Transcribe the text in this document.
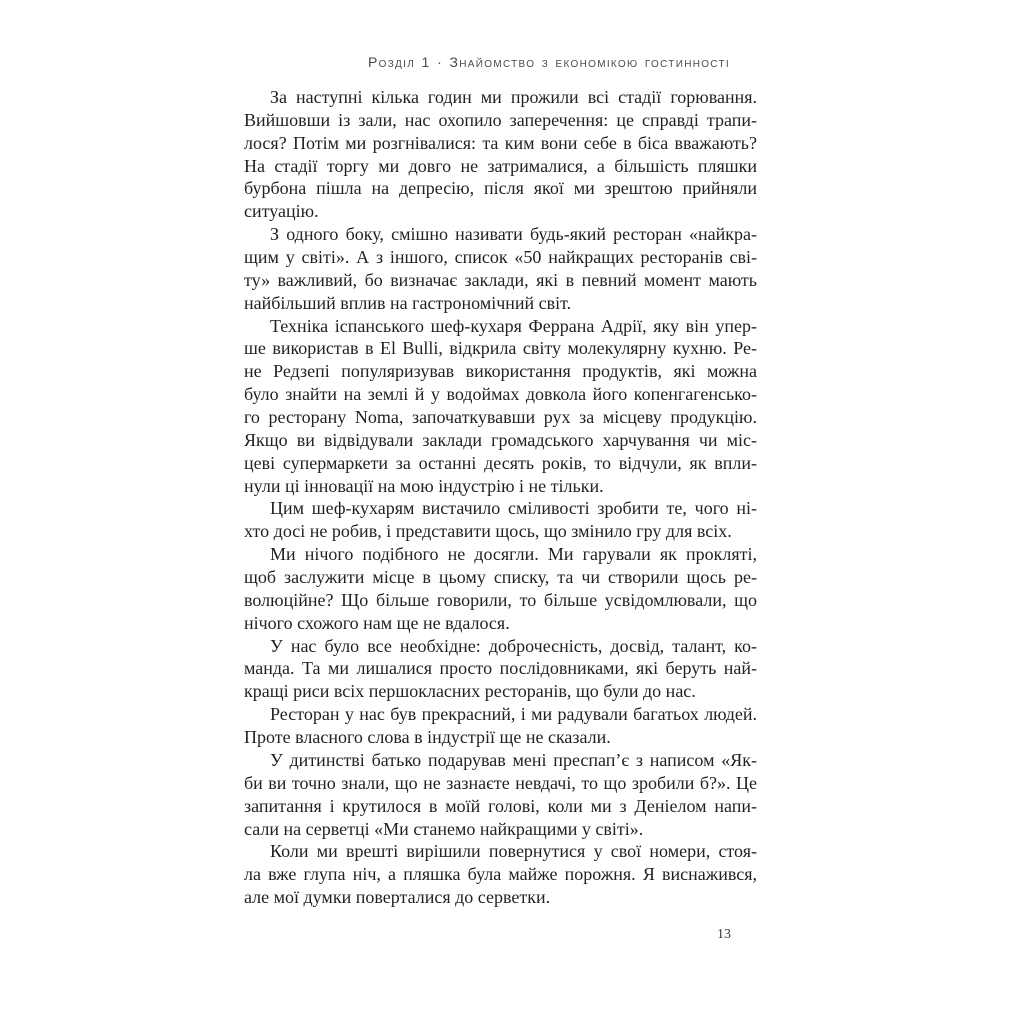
Розділ 1 · Знайомство з економікою гостинності
За наступні кілька годин ми прожили всі стадії горювання.
Вийшовши із зали, нас охопило заперечення: це справді трапи-
лося? Потім ми розгнівалися: та ким вони себе в біса вважають?
На стадії торгу ми довго не затрималися, а більшість пляшки
бурбона пішла на депресію, після якої ми зрештою прийняли
ситуацію.
З одного боку, смішно називати будь-який ресторан «найкра-
щим у світі». А з іншого, список «50 найкращих ресторанів сві-
ту» важливий, бо визначає заклади, які в певний момент мають
найбільший вплив на гастрономічний світ.
Техніка іспанського шеф-кухаря Феррана Адрії, яку він упер-
ше використав в El Bulli, відкрила світу молекулярну кухню. Ре-
не Редзепі популяризував використання продуктів, які можна
було знайти на землі й у водоймах довкола його копенгагенсько-
го ресторану Noma, започаткувавши рух за місцеву продукцію.
Якщо ви відвідували заклади громадського харчування чи міс-
цеві супермаркети за останні десять років, то відчули, як впли-
нули ці інновації на мою індустрію і не тільки.
Цим шеф-кухарям вистачило сміливості зробити те, чого ні-
хто досі не робив, і представити щось, що змінило гру для всіх.
Ми нічого подібного не досягли. Ми гарували як прокляті,
щоб заслужити місце в цьому списку, та чи створили щось ре-
волюційне? Що більше говорили, то більше усвідомлювали, що
нічого схожого нам ще не вдалося.
У нас було все необхідне: доброчесність, досвід, талант, ко-
манда. Та ми лишалися просто послідовниками, які беруть най-
кращі риси всіх першокласних ресторанів, що були до нас.
Ресторан у нас був прекрасний, і ми радували багатьох людей.
Проте власного слова в індустрії ще не сказали.
У дитинстві батько подарував мені преспап’є з написом «Як-
би ви точно знали, що не зазнаєте невдачі, то що зробили б?». Це
запитання і крутилося в моїй голові, коли ми з Деніелом напи-
сали на серветці «Ми станемо найкращими у світі».
Коли ми врешті вирішили повернутися у свої номери, стоя-
ла вже глупа ніч, а пляшка була майже порожня. Я виснажився,
але мої думки поверталися до серветки.
13
